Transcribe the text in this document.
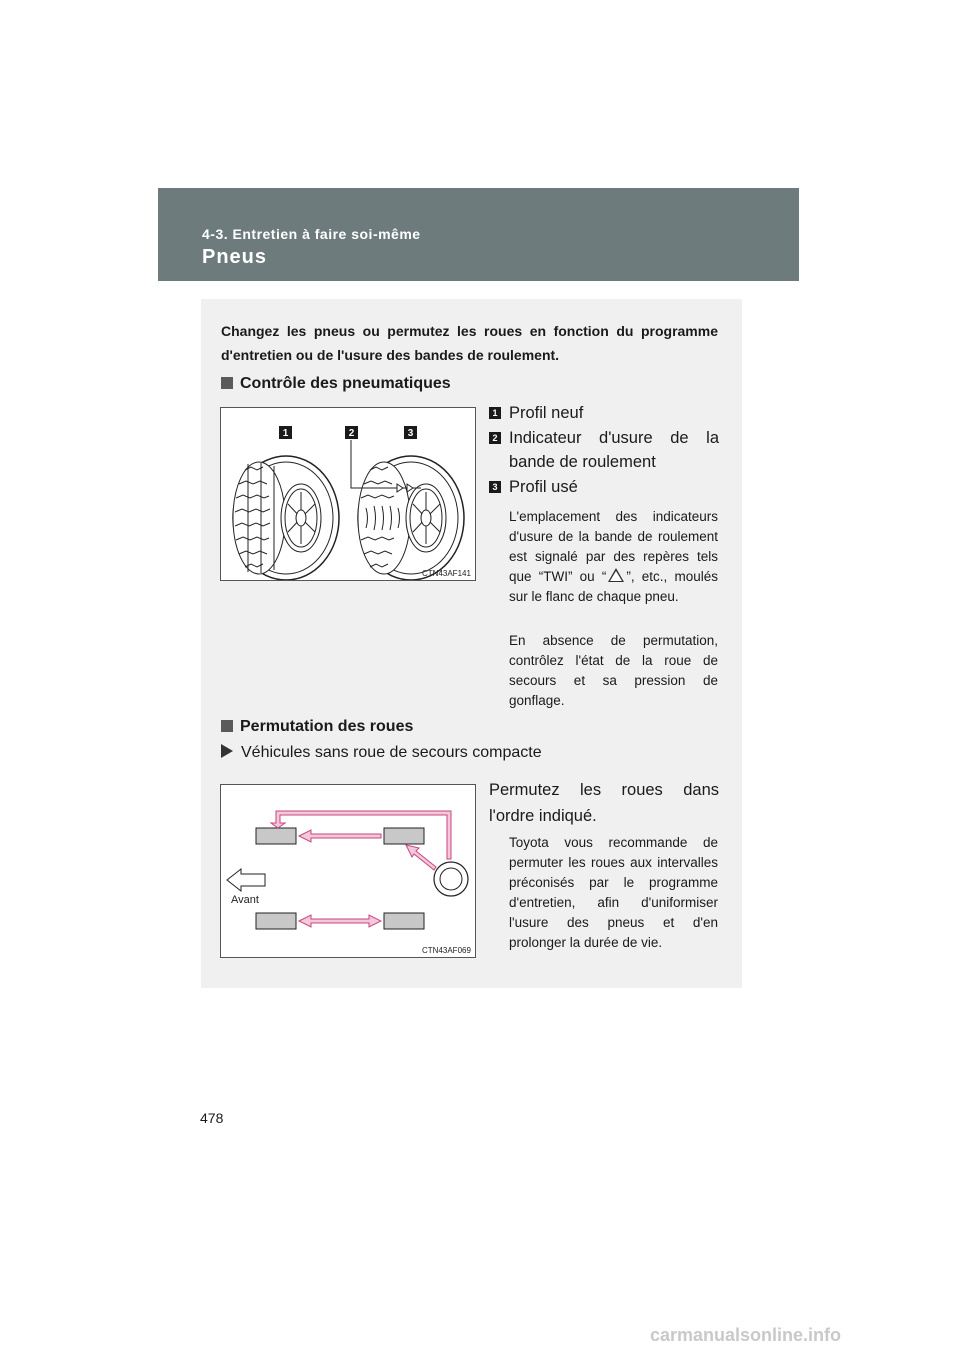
4-3. Entretien à faire soi-même
Pneus
Changez les pneus ou permutez les roues en fonction du programme d'entretien ou de l'usure des bandes de roulement.
Contrôle des pneumatiques
1	2	3
CTN43AF141
1 Profil neuf
2 Indicateur d'usure de la bande de roulement
3 Profil usé
L'emplacement des indicateurs d'usure de la bande de roulement est signalé par des repères tels que “TWI” ou “ ”, etc., moulés sur le flanc de chaque pneu.
En absence de permutation, contrôlez l'état de la roue de secours et sa pression de gonflage.
Permutation des roues
Véhicules sans roue de secours compacte
Permutez les roues dans l'ordre indiqué.
Avant
CTN43AF069
Toyota vous recommande de permuter les roues aux intervalles préconisés par le programme d'entretien, afin d'uniformiser l'usure des pneus et d'en prolonger la durée de vie.
478
carmanualsonline.info
